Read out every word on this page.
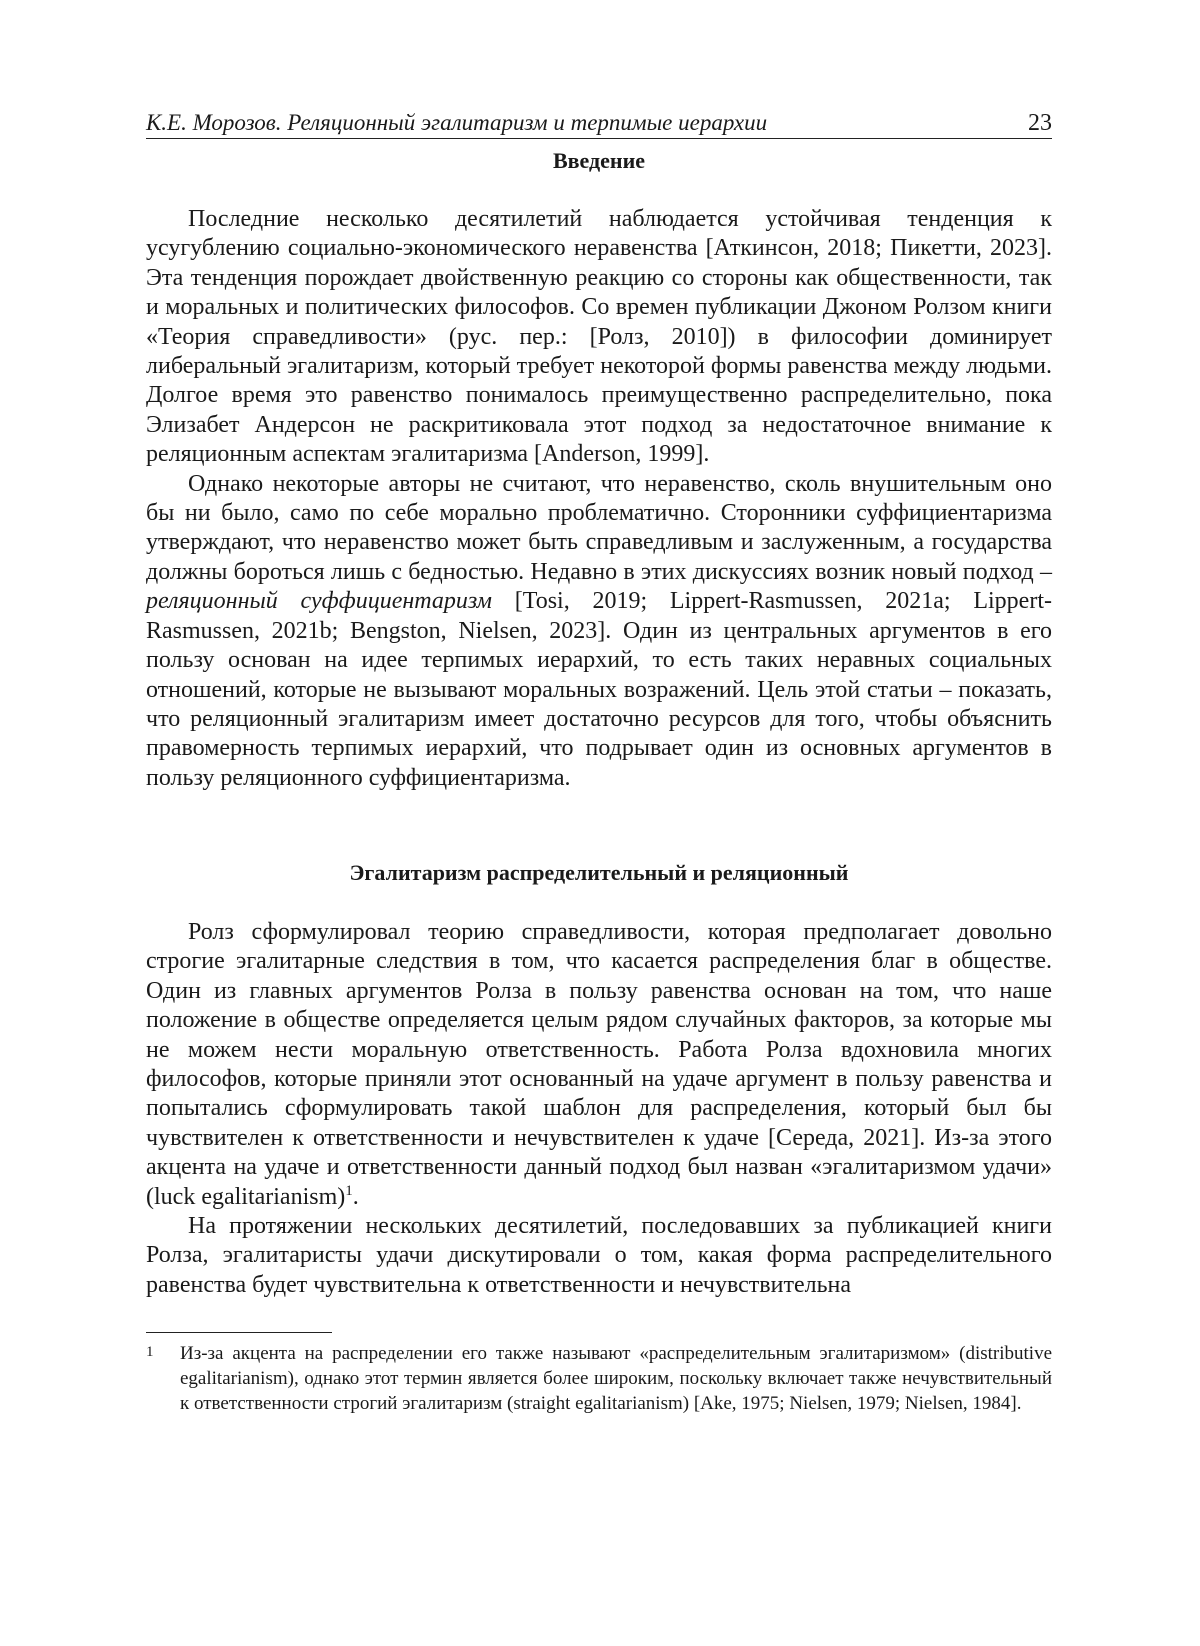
К.Е. Морозов. Реляционный эгалитаризм и терпимые иерархии	23
Введение

Последние несколько десятилетий наблюдается устойчивая тенденция к усугублению социально-экономического неравенства [Аткинсон, 2018; Пикетти, 2023]. Эта тенденция порождает двойственную реакцию со стороны как общественности, так и моральных и политических философов. Со времен публикации Джоном Ролзом книги «Теория справедливости» (рус. пер.: [Ролз, 2010]) в философии доминирует либеральный эгалитаризм, который требует некоторой формы равенства между людьми. Долгое время это равенство понималось преимущественно распределительно, пока Элизабет Андерсон не раскритиковала этот подход за недостаточное внимание к реляционным аспектам эгалитаризма [Anderson, 1999].

Однако некоторые авторы не считают, что неравенство, сколь внушительным оно бы ни было, само по себе морально проблематично. Сторонники суффициентаризма утверждают, что неравенство может быть справедливым и заслуженным, а государства должны бороться лишь с бедностью. Недавно в этих дискуссиях возник новый подход – реляционный суффициентаризм [Tosi, 2019; Lippert-Rasmussen, 2021a; Lippert-Rasmussen, 2021b; Bengston, Nielsen, 2023]. Один из центральных аргументов в его пользу основан на идее терпимых иерархий, то есть таких неравных социальных отношений, которые не вызывают моральных возражений. Цель этой статьи – показать, что реляционный эгалитаризм имеет достаточно ресурсов для того, чтобы объяснить правомерность терпимых иерархий, что подрывает один из основных аргументов в пользу реляционного суффициентаризма.

Эгалитаризм распределительный и реляционный

Ролз сформулировал теорию справедливости, которая предполагает довольно строгие эгалитарные следствия в том, что касается распределения благ в обществе. Один из главных аргументов Ролза в пользу равенства основан на том, что наше положение в обществе определяется целым рядом случайных факторов, за которые мы не можем нести моральную ответственность. Работа Ролза вдохновила многих философов, которые приняли этот основанный на удаче аргумент в пользу равенства и попытались сформулировать такой шаблон для распределения, который был бы чувствителен к ответственности и нечувствителен к удаче [Середа, 2021]. Из-за этого акцента на удаче и ответственности данный подход был назван «эгалитаризмом удачи» (luck egalitarianism)$^1$.

На протяжении нескольких десятилетий, последовавших за публикацией книги Ролза, эгалитаристы удачи дискутировали о том, какая форма распределительного равенства будет чувствительна к ответственности и нечувствительна

1	Из-за акцента на распределении его также называют «распределительным эгалитаризмом» (distributive egalitarianism), однако этот термин является более широким, поскольку включает также нечувствительный к ответственности строгий эгалитаризм (straight egalitarianism) [Ake, 1975; Nielsen, 1979; Nielsen, 1984].
